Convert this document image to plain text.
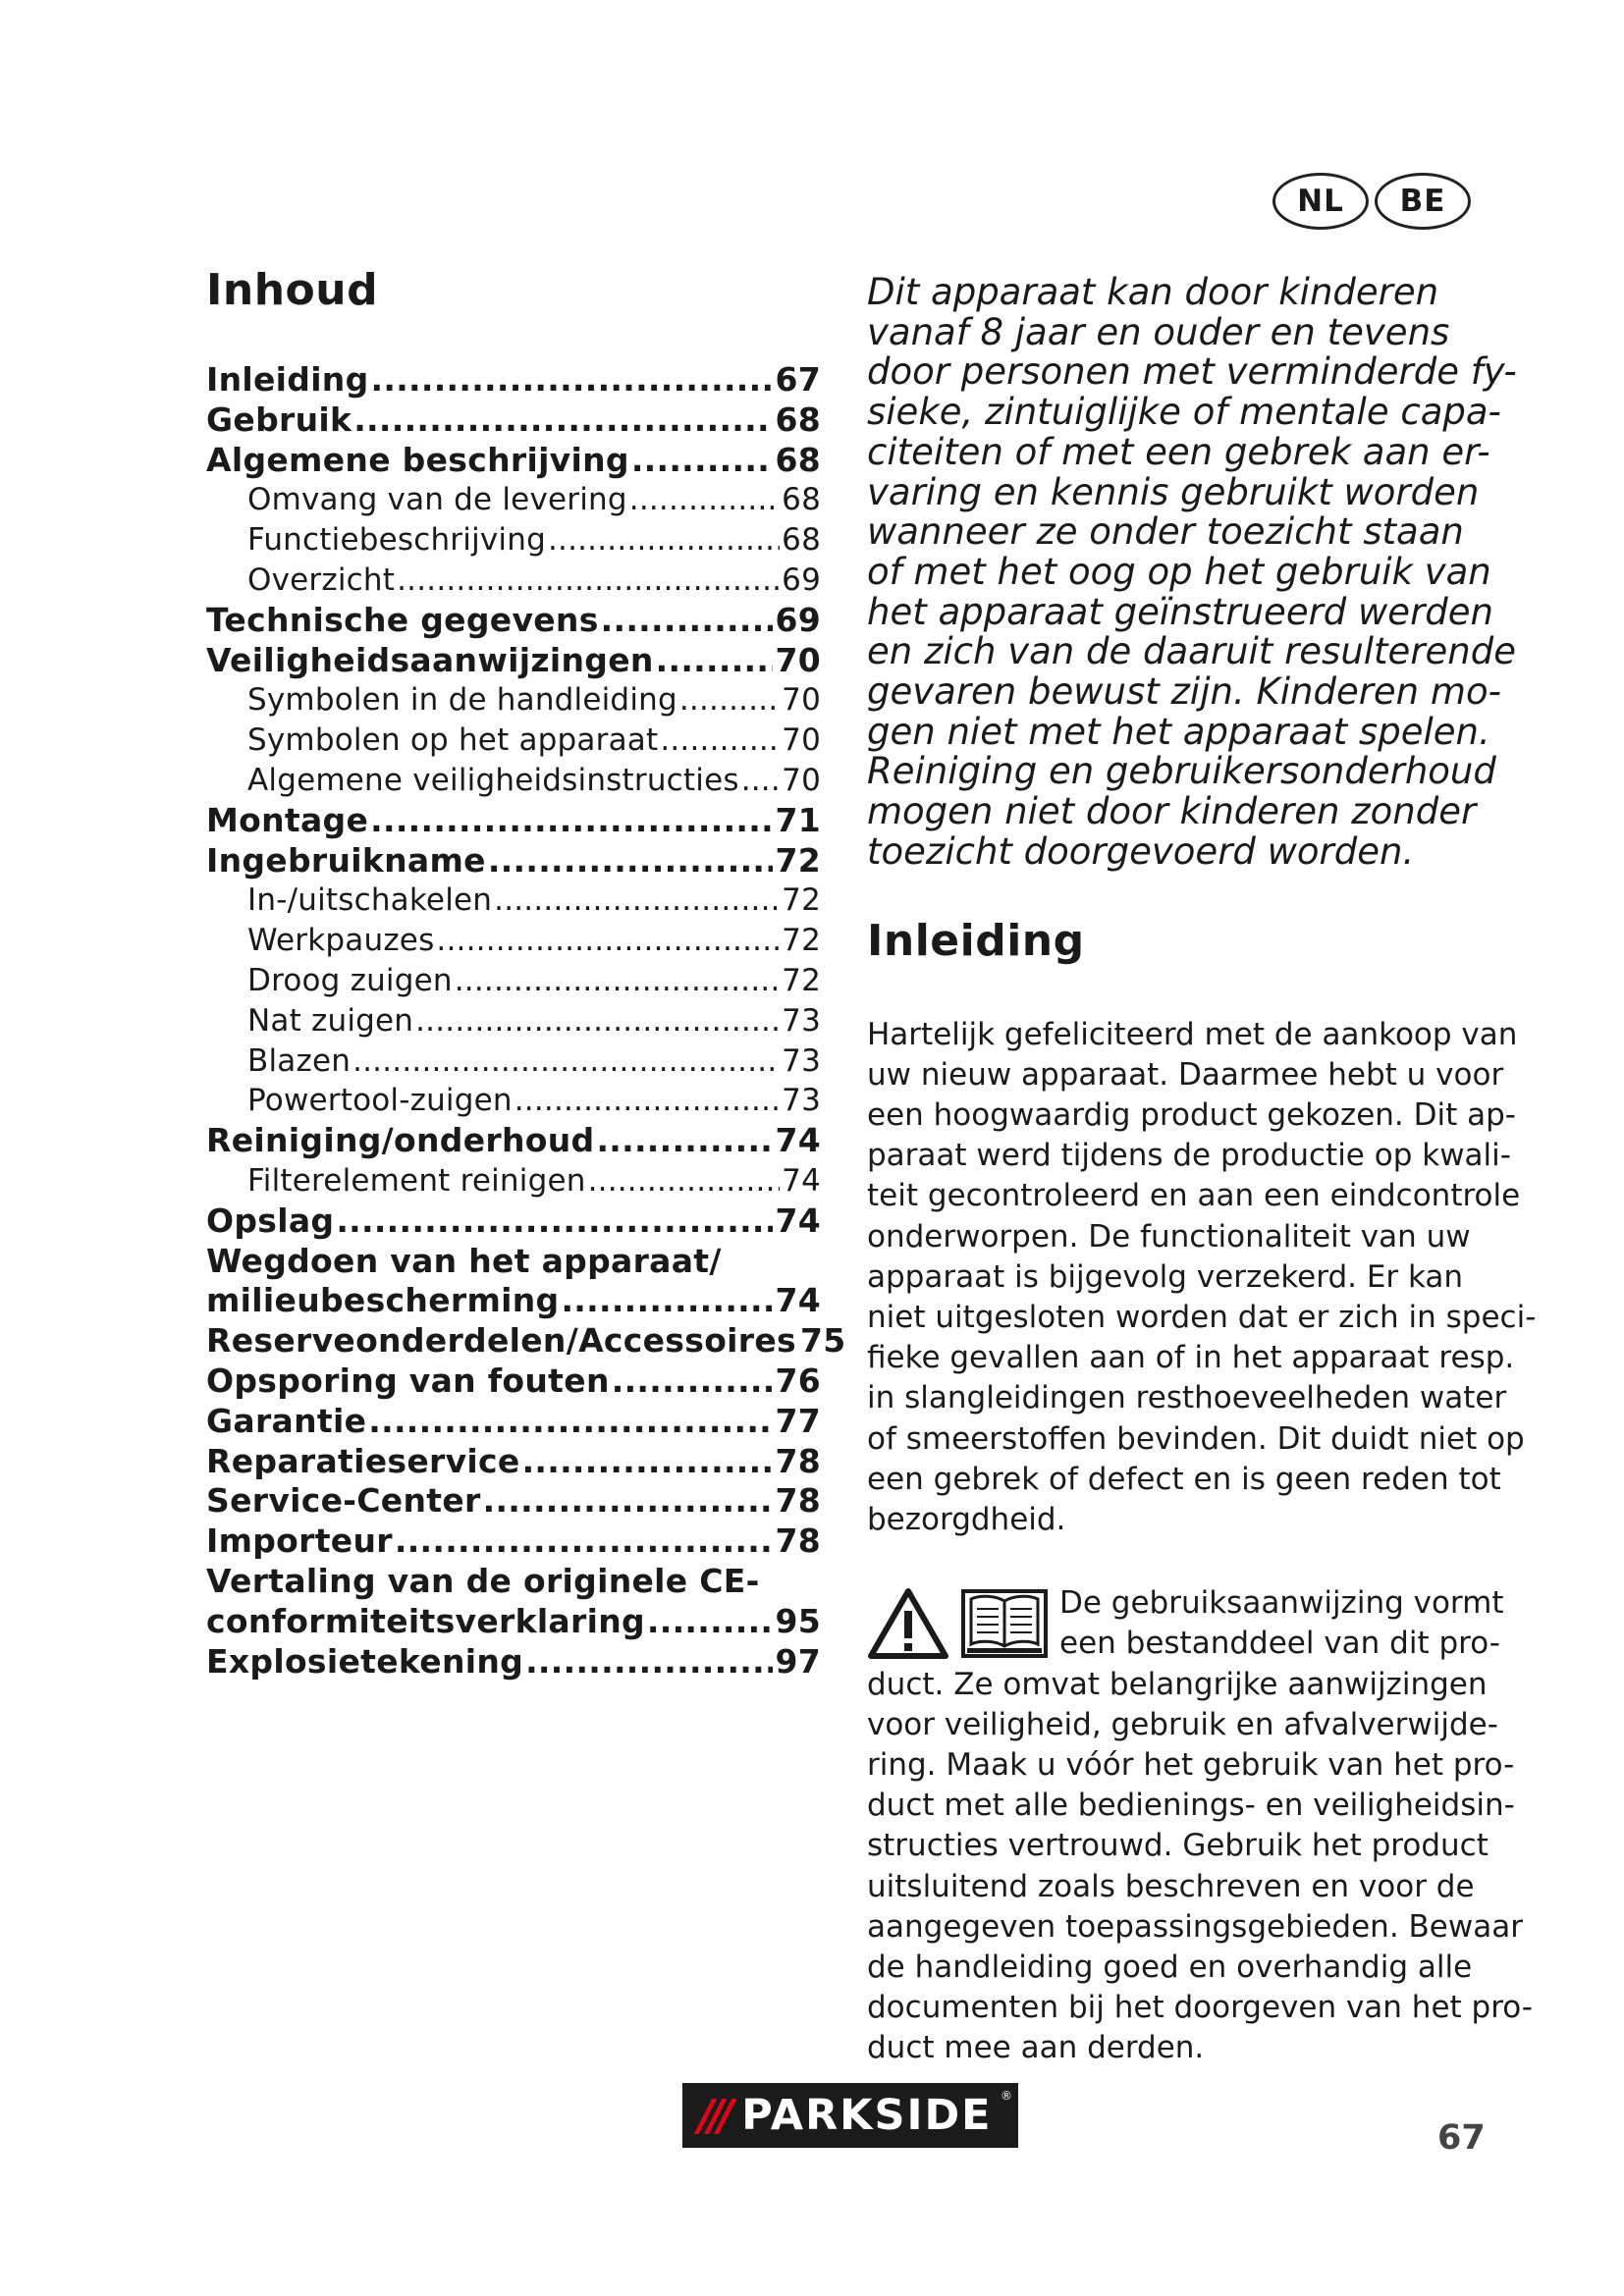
NL	BE
Inhoud
Inleiding .....	67
Gebruik .....	68
Algemene beschrijving .....	68
Omvang van de levering .....	68
Functiebeschrijving .....	68
Overzicht .....	69
Technische gegevens .....	69
Veiligheidsaanwijzingen .....	70
Symbolen in de handleiding .....	70
Symbolen op het apparaat .....	70
Algemene veiligheidsinstructies ..... 70
Montage .....	71
Ingebruikname .....	72
In-/uitschakelen .....	72
Werkpauzes .....	72
Droog zuigen .....	72
Nat zuigen .....	73
Blazen .....	73
Powertool-zuigen .....	73
Reiniging/onderhoud .....	74
Filterelement reinigen .....	74
Opslag .....	74
Wegdoen van het apparaat/
milieubescherming .....	74
Reserveonderdelen/Accessoires 75
Opsporing van fouten .....	76
Garantie .....	77
Reparatieservice .....	78
Service-Center .....	78
Importeur .....	78
Vertaling van de originele CE-
conformiteitsverklaring .....	95
Explosietekening .....	97
Dit apparaat kan door kinderen
vanaf 8 jaar en ouder en tevens
door personen met verminderde fy-
sieke, zintuiglijke of mentale capa-
citeiten of met een gebrek aan er-
varing en kennis gebruikt worden
wanneer ze onder toezicht staan
of met het oog op het gebruik van
het apparaat geïnstrueerd werden
en zich van de daaruit resulterende
gevaren bewust zijn. Kinderen mo-
gen niet met het apparaat spelen.
Reiniging en gebruikersonderhoud
mogen niet door kinderen zonder
toezicht doorgevoerd worden.
Inleiding
Hartelijk gefeliciteerd met de aankoop van
uw nieuw apparaat. Daarmee hebt u voor
een hoogwaardig product gekozen. Dit ap-
paraat werd tijdens de productie op kwali-
teit gecontroleerd en aan een eindcontrole
onderworpen. De functionaliteit van uw
apparaat is bijgevolg verzekerd. Er kan
niet uitgesloten worden dat er zich in speci-
fieke gevallen aan of in het apparaat resp.
in slangleidingen resthoeveelheden water
of smeerstoffen bevinden. Dit duidt niet op
een gebrek of defect en is geen reden tot
bezorgdheid.
De gebruiksaanwijzing vormt
een bestanddeel van dit pro-
duct. Ze omvat belangrijke aanwijzingen
voor veiligheid, gebruik en afvalverwijde-
ring. Maak u vóór het gebruik van het pro-
duct met alle bedienings- en veiligheidsin-
structies vertrouwd. Gebruik het product
uitsluitend zoals beschreven en voor de
aangegeven toepassingsgebieden. Bewaar
de handleiding goed en overhandig alle
documenten bij het doorgeven van het pro-
duct mee aan derden.
/// PARKSIDE ®
67
